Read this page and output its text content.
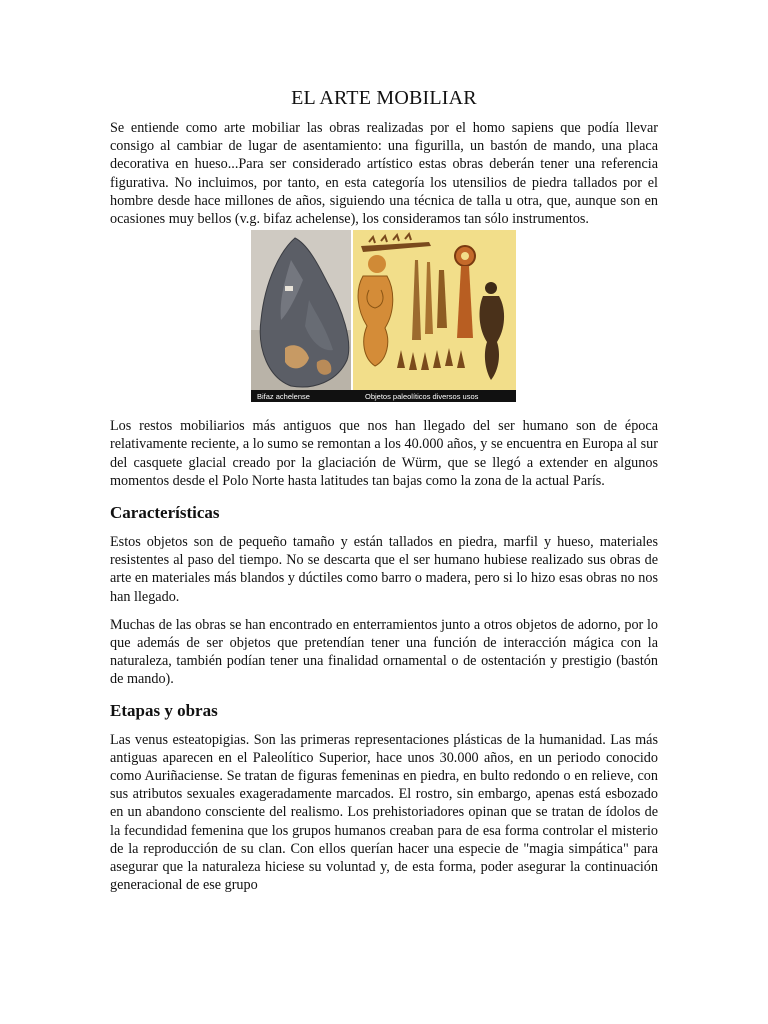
EL ARTE MOBILIAR

Se entiende como arte mobiliar las obras realizadas por el homo sapiens que podía llevar consigo al cambiar de lugar de asentamiento: una figurilla, un bastón de mando, una placa decorativa en hueso...Para ser considerado artístico estas obras deberán tener una referencia figurativa. No incluimos, por tanto, en esta categoría los utensilios de piedra tallados por el hombre desde hace millones de años, siguiendo una técnica de talla u otra, que, aunque son en ocasiones muy bellos (v.g. bifaz achelense), los consideramos tan sólo instrumentos.

Bifaz achelense	Objetos paleolíticos diversos usos

Los restos mobiliarios más antiguos que nos han llegado del ser humano son de época relativamente reciente, a lo sumo se remontan a los 40.000 años, y se encuentra en Europa al sur del casquete glacial creado por la glaciación de Würm, que se llegó a extender en algunos momentos desde el Polo Norte hasta latitudes tan bajas como la zona de la actual París.

Características

Estos objetos son de pequeño tamaño y están tallados en piedra, marfil y hueso, materiales resistentes al paso del tiempo. No se descarta que el ser humano hubiese realizado sus obras de arte en materiales más blandos y dúctiles como barro o madera, pero si lo hizo esas obras no nos han llegado.

Muchas de las obras se han encontrado en enterramientos junto a otros objetos de adorno, por lo que además de ser objetos que pretendían tener una función de interacción mágica con la naturaleza, también podían tener una finalidad ornamental o de ostentación y prestigio (bastón de mando).

Etapas y obras

Las venus esteatopigias. Son las primeras representaciones plásticas de la humanidad. Las más antiguas aparecen en el Paleolítico Superior, hace unos 30.000 años, en un periodo conocido como Auriñaciense. Se tratan de figuras femeninas en piedra, en bulto redondo o en relieve, con sus atributos sexuales exageradamente marcados. El rostro, sin embargo, apenas está esbozado en un abandono consciente del realismo. Los prehistoriadores opinan que se tratan de ídolos de la fecundidad femenina que los grupos humanos creaban para de esa forma controlar el misterio de la reproducción de su clan. Con ellos querían hacer una especie de "magia simpática" para asegurar que la naturaleza hiciese su voluntad y, de esta forma, poder asegurar la continuación generacional de ese grupo
